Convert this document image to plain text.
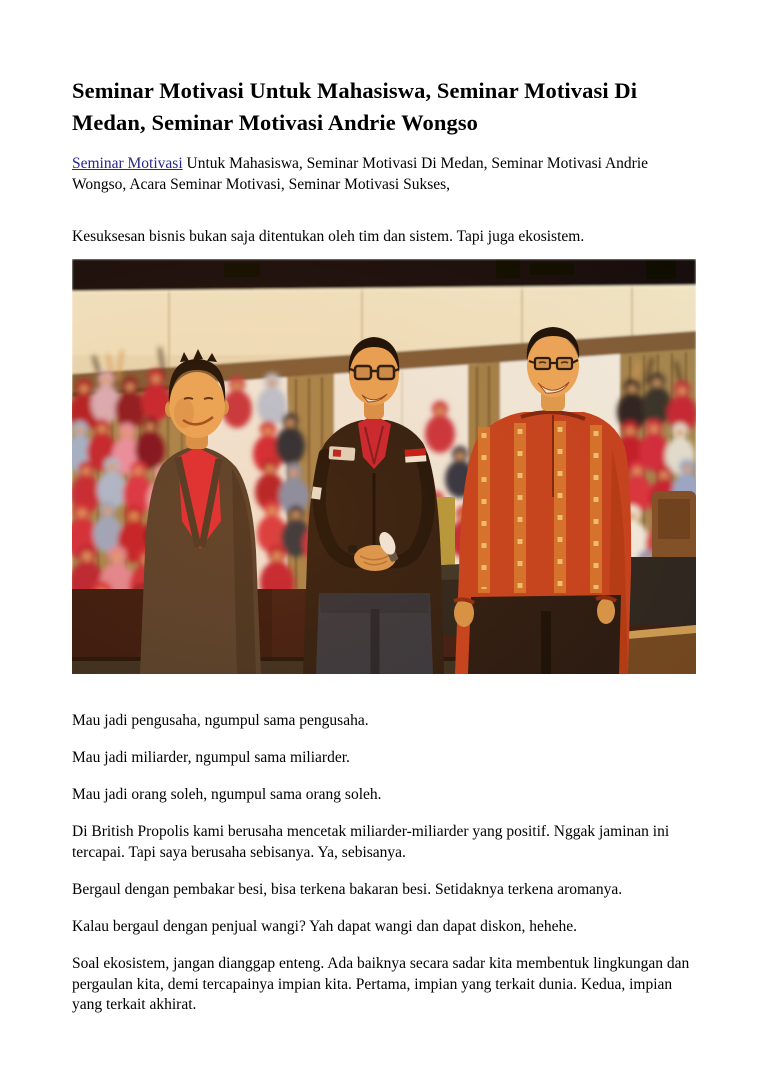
Seminar Motivasi Untuk Mahasiswa, Seminar Motivasi Di Medan, Seminar Motivasi Andrie Wongso

Seminar Motivasi Untuk Mahasiswa, Seminar Motivasi Di Medan, Seminar Motivasi Andrie Wongso, Acara Seminar Motivasi, Seminar Motivasi Sukses,

Kesuksesan bisnis bukan saja ditentukan oleh tim dan sistem. Tapi juga ekosistem.

Mau jadi pengusaha, ngumpul sama pengusaha.

Mau jadi miliarder, ngumpul sama miliarder.

Mau jadi orang soleh, ngumpul sama orang soleh.

Di British Propolis kami berusaha mencetak miliarder-miliarder yang positif. Nggak jaminan ini tercapai. Tapi saya berusaha sebisanya. Ya, sebisanya.

Bergaul dengan pembakar besi, bisa terkena bakaran besi. Setidaknya terkena aromanya.

Kalau bergaul dengan penjual wangi? Yah dapat wangi dan dapat diskon, hehehe.

Soal ekosistem, jangan dianggap enteng. Ada baiknya secara sadar kita membentuk lingkungan dan pergaulan kita, demi tercapainya impian kita. Pertama, impian yang terkait dunia. Kedua, impian yang terkait akhirat.
